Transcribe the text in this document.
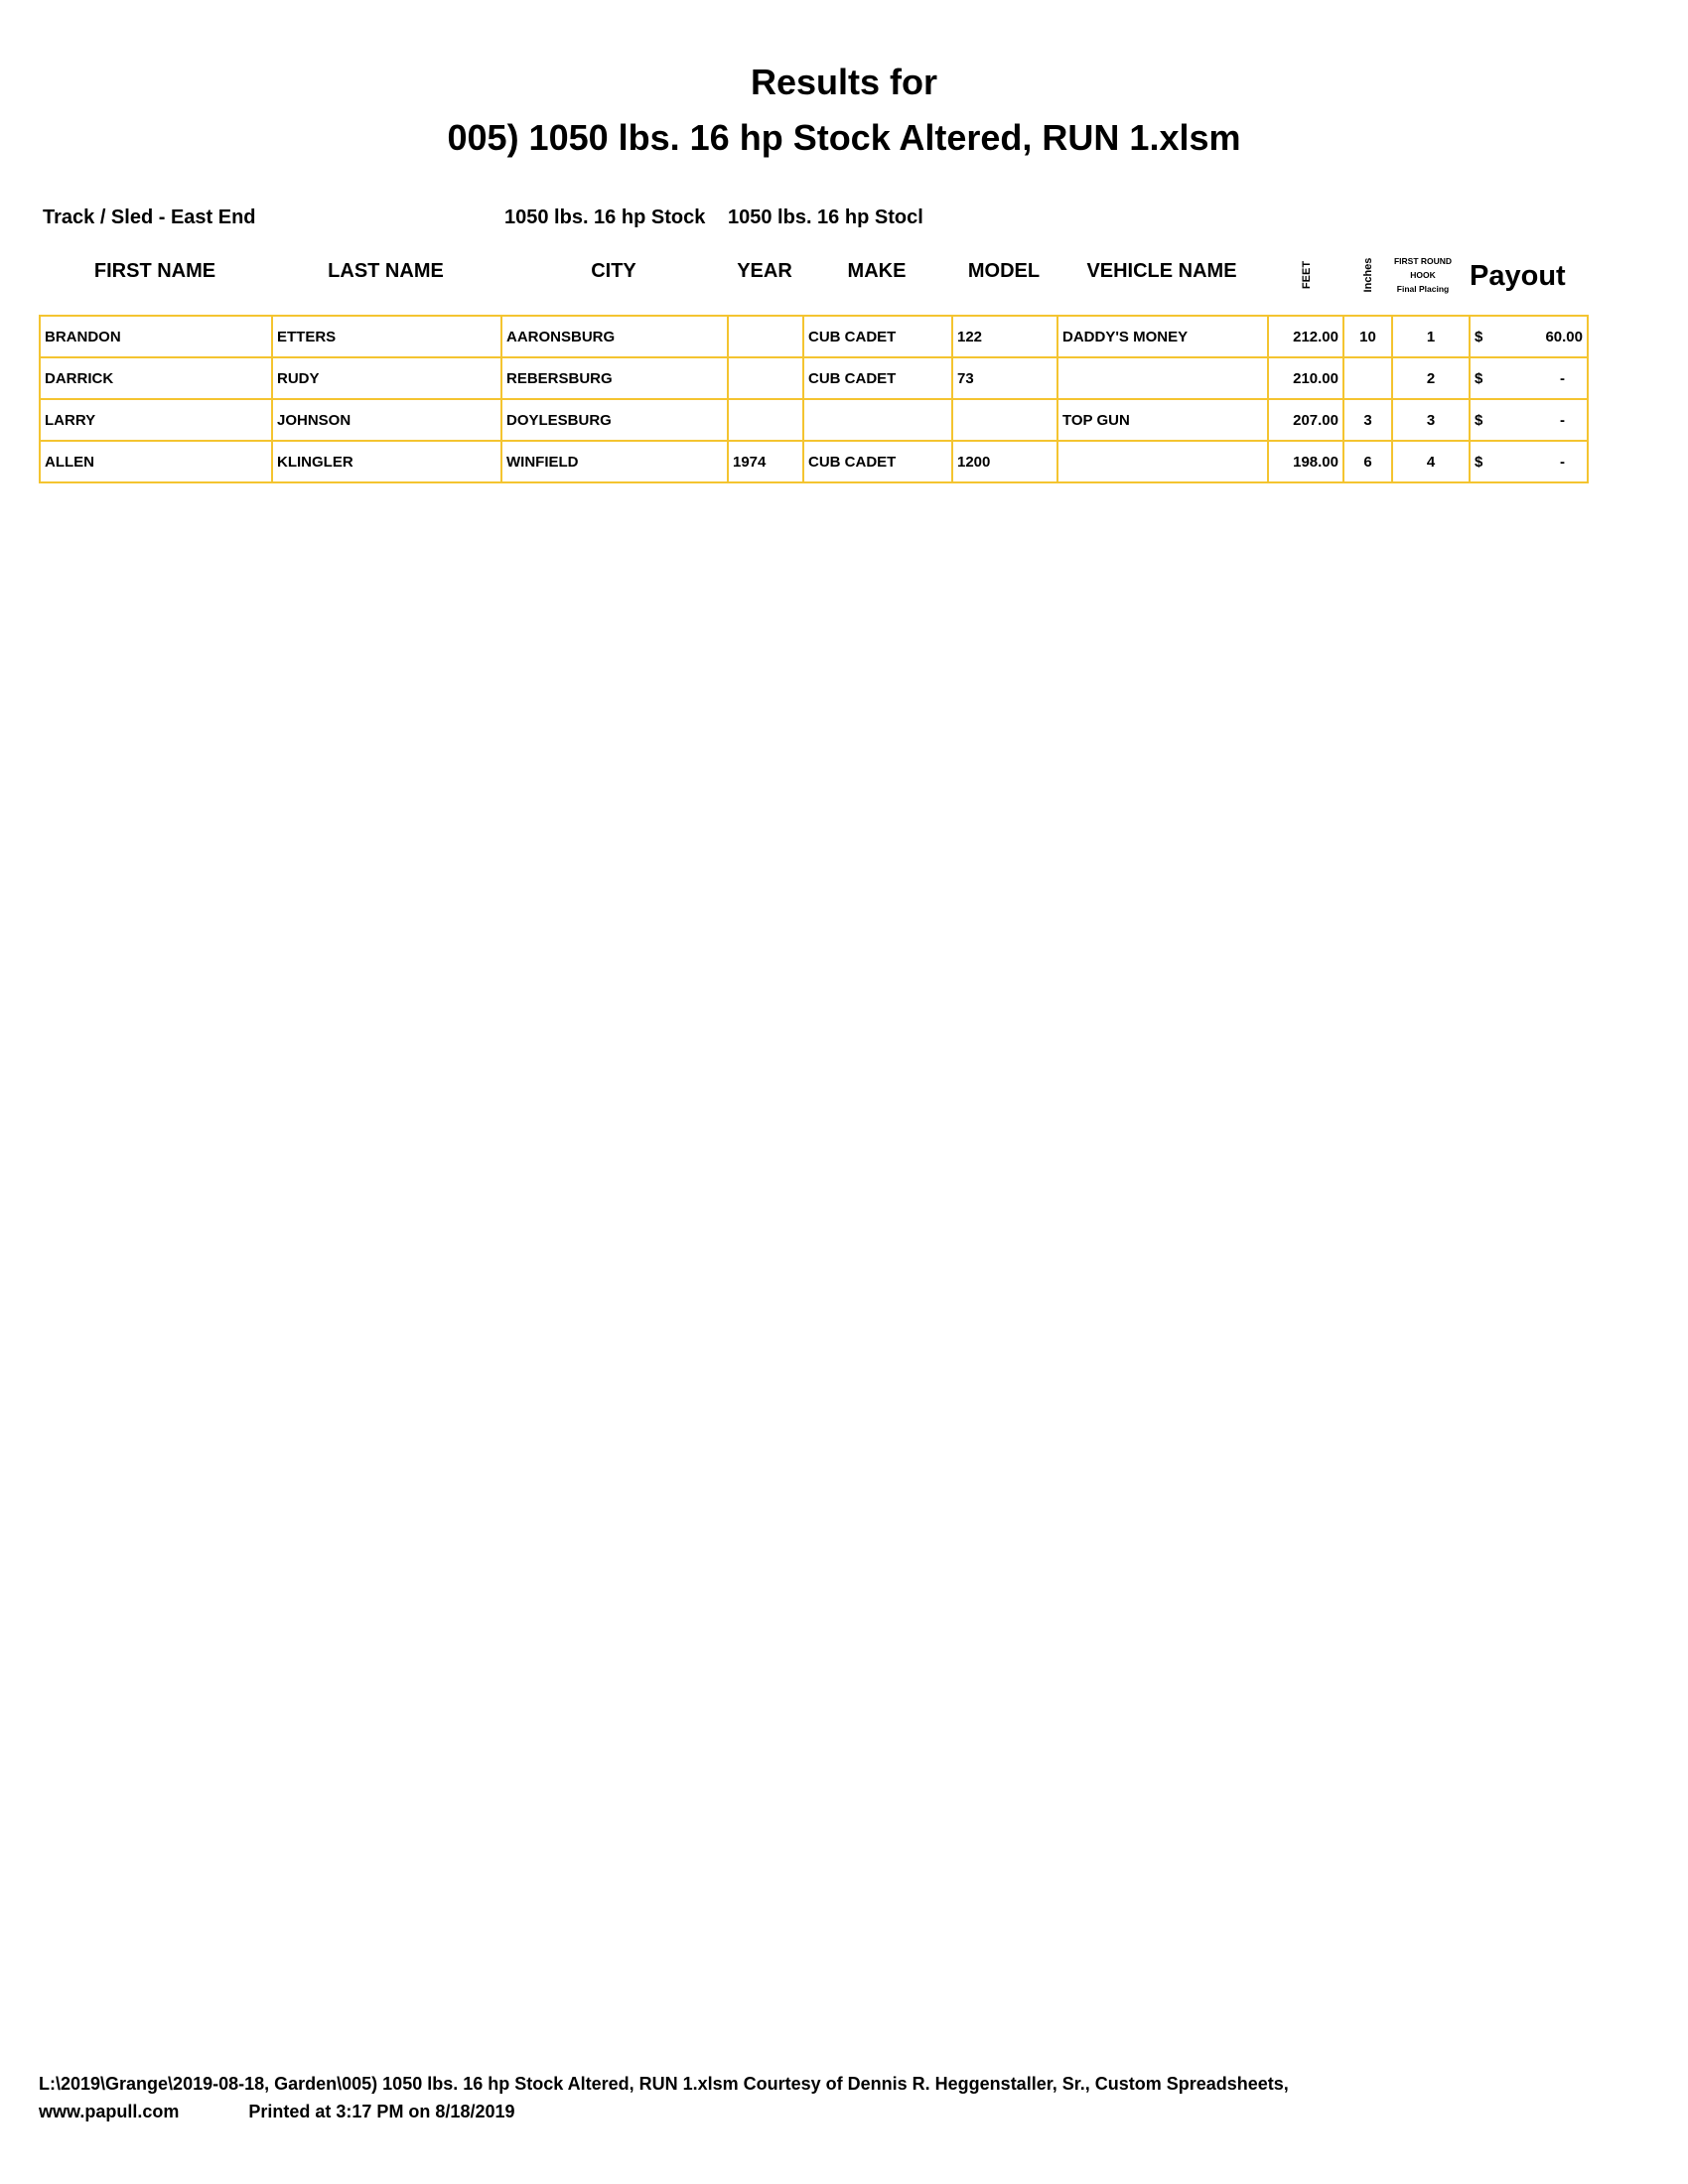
Results for
005) 1050 lbs. 16 hp Stock Altered, RUN 1.xlsm
Track / Sled - East End	1050 lbs. 16 hp Stock 1050 lbs. 16 hp Stocl
FIRST NAME	LAST NAME	CITY	YEAR	MAKE	MODEL	VEHICLE NAME	FEET	Inches	FIRST ROUND
HOOK
Final Placing Payout
BRANDON	ETTERS	AARONSBURG		CUB CADET	122	DADDY'S MONEY	212.00	10	1	$ 60.00

DARRICK	RUDY	REBERSBURG		CUB CADET	73		210.00		2	$ -

LARRY	JOHNSON	DOYLESBURG				TOP GUN	207.00	3	3	$ -

ALLEN	KLINGLER	WINFIELD	1974	CUB CADET	1200		198.00	6	4	$ -
L:\2019\Grange\2019-08-18, Garden\005) 1050 lbs. 16 hp Stock Altered, RUN 1.xlsm Courtesy of Dennis R. Heggenstaller, Sr., Custom Spreadsheets,
www.papull.com	Printed at 3:17 PM on 8/18/2019
